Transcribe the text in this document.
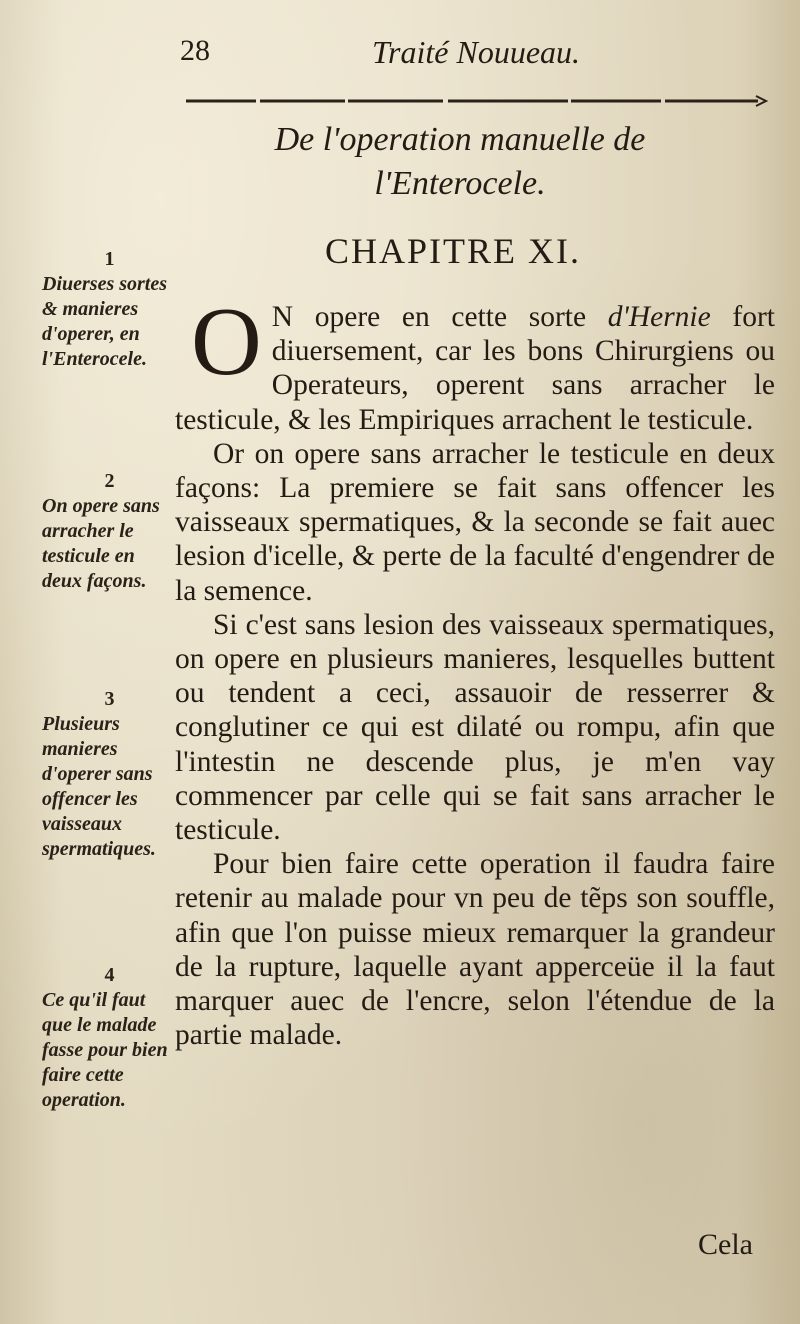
28	Traité Nouueau.
De l'operation manuelle de
l'Enterocele.
CHAPITRE XI.
1
Diuerses sortes & manieres d'operer, en l'Enterocele.
2
On opere sans arracher le testicule en deux façons.
3
Plusieurs manieres d'operer sans offencer les vaisseaux spermatiques.
4
Ce qu'il faut que le malade fasse pour bien faire cette operation.

O N opere en cette sorte d'Hernie fort diuersement, car les bons Chirurgiens ou Operateurs, operent sans arracher le testicule, & les Empiriques arrachent le testicule.

Or on opere sans arracher le testicule en deux façons: La premiere se fait sans offencer les vaisseaux spermatiques, & la seconde se fait auec lesion d'icelle, & perte de la faculté d'engendrer de la semence.

Si c'est sans lesion des vaisseaux spermatiques, on opere en plusieurs manieres, lesquelles buttent ou tendent a ceci, assauoir de resserrer & conglutiner ce qui est dilaté ou rompu, afin que l'intestin ne descende plus, je m'en vay commencer par celle qui se fait sans arracher le testicule.

Pour bien faire cette operation il faudra faire retenir au malade pour vn peu de tẽps son souffle, afin que l'on puisse mieux remarquer la grandeur de la rupture, laquelle ayant apperceüe il la faut marquer auec de l'encre, selon l'étendue de la partie malade.

Cela
